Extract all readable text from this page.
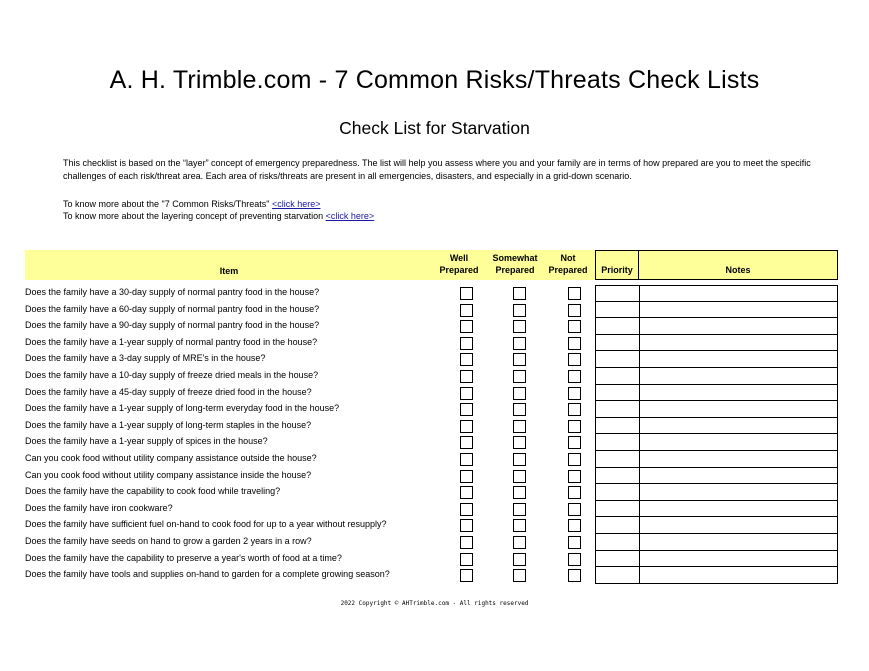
A. H. Trimble.com - 7 Common Risks/Threats Check Lists
Check List for Starvation
This checklist is based on the “layer” concept of emergency preparedness. The list will help you assess where you and your family are in terms of how prepared are you to meet the specific challenges of each risk/threat area. Each area of risks/threats are present in all emergencies, disasters, and especially in a grid-down scenario.
To know more about the "7 Common Risks/Threats" <click here>
To know more about the layering concept of preventing starvation <click here>
Item
Well
Prepared
Somewhat
Prepared
Not
Prepared	Priority	Notes
Does the family have a 30-day supply of normal pantry food in the house?
Does the family have a 60-day supply of normal pantry food in the house?
Does the family have a 90-day supply of normal pantry food in the house?
Does the family have a 1-year supply of normal pantry food in the house?
Does the family have a 3-day supply of MRE's in the house?
Does the family have a 10-day supply of freeze dried meals in the house?
Does the family have a 45-day supply of freeze dried food in the house?
Does the family have a 1-year supply of long-term everyday food in the house?
Does the family have a 1-year supply of long-term staples in the house?
Does the family have a 1-year supply of spices in the house?
Can you cook food without utility company assistance outside the house?
Can you cook food without utility company assistance inside the house?
Does the family have the capability to cook food while traveling?
Does the family have iron cookware?
Does the family have sufficient fuel on-hand to cook food for up to a year without resupply?
Does the family have seeds on hand to grow a garden 2 years in a row?
Does the family have the capability to preserve a year's worth of food at a time?
Does the family have tools and supplies on-hand to garden for a complete growing season?
2022 Copyright © AHTrimble.com - All rights reserved
